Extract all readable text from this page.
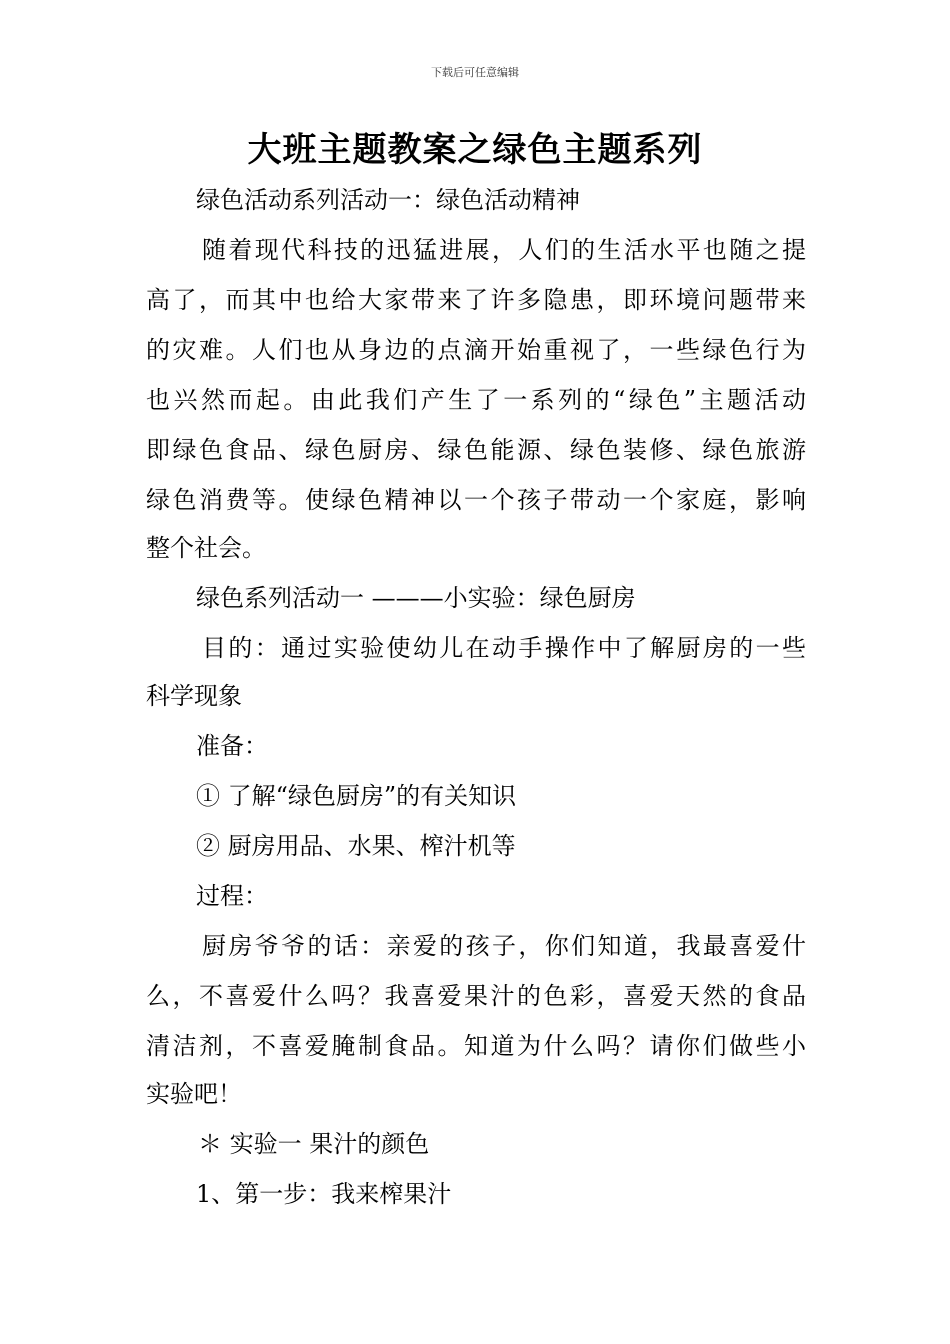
下载后可任意编辑
大班主题教案之绿色主题系列
绿色活动系列活动一：绿色活动精神
随着现代科技的迅猛进展，人们的生活水平也随之提
高了，而其中也给大家带来了许多隐患，即环境问题带来
的灾难。人们也从身边的点滴开始重视了，一些绿色行为
也兴然而起。由此我们产生了一系列的“绿色”主题活动
即绿色食品、绿色厨房、绿色能源、绿色装修、绿色旅游
绿色消费等。使绿色精神以一个孩子带动一个家庭，影响
整个社会。
绿色系列活动一 ———小实验：绿色厨房
目的：通过实验使幼儿在动手操作中了解厨房的一些
科学现象
准备：
① 了解“绿色厨房”的有关知识
② 厨房用品、水果、榨汁机等
过程：
厨房爷爷的话：亲爱的孩子，你们知道，我最喜爱什
么，不喜爱什么吗？我喜爱果汁的色彩，喜爱天然的食品
清洁剂，不喜爱腌制食品。知道为什么吗？请你们做些小
实验吧！
＊ 实验一 果汁的颜色
1、第一步：我来榨果汁
